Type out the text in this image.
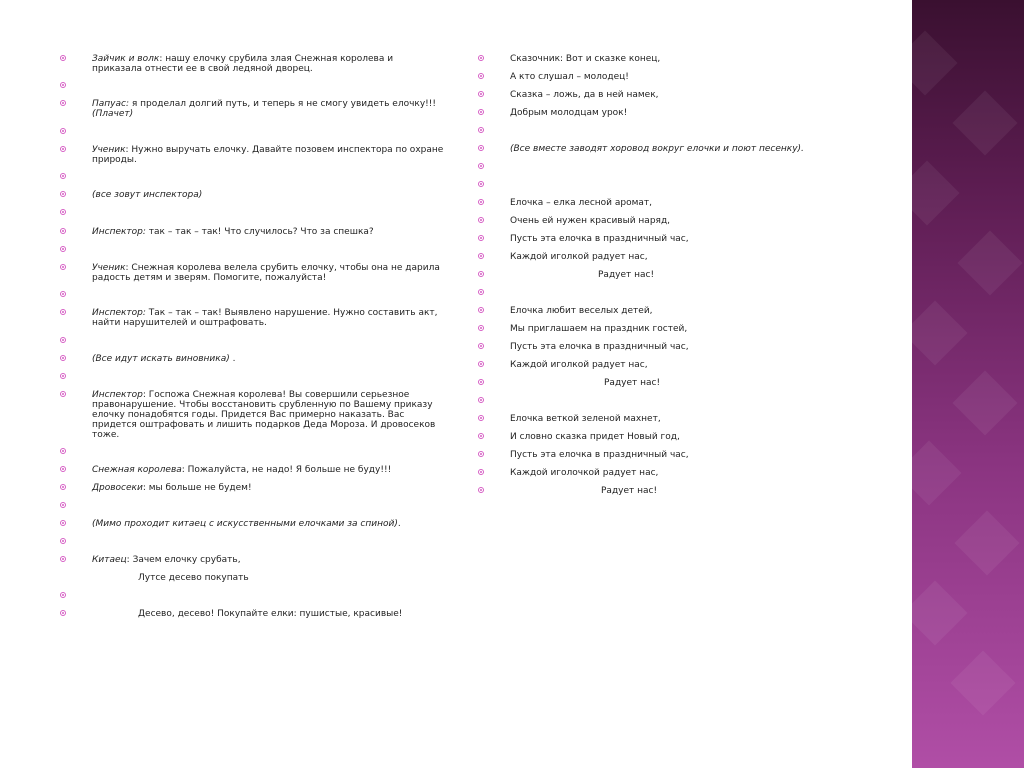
Зайчик и волк: нашу елочку срубила злая Снежная королева и приказала отнести ее в свой ледяной дворец.
Папуас: я проделал долгий путь, и теперь я не смогу увидеть елочку!!!
(Плачет)
Ученик: Нужно выручать елочку. Давайте позовем инспектора по охране природы.
(все зовут инспектора)
Инспектор: так – так – так! Что случилось? Что за спешка?
Ученик: Снежная королева велела срубить елочку, чтобы она не дарила радость детям и зверям. Помогите, пожалуйста!
Инспектор: Так – так – так! Выявлено нарушение. Нужно составить акт, найти нарушителей и оштрафовать.
(Все идут искать виновника) .
Инспектор: Госпожа Снежная королева! Вы совершили серьезное правонарушение. Чтобы восстановить срубленную по Вашему приказу елочку понадобятся годы. Придется Вас примерно наказать. Вас придется оштрафовать и лишить подарков Деда Мороза. И дровосеков тоже.
Снежная королева: Пожалуйста, не надо! Я больше не буду!!!
Дровосеки: мы больше не будем!
(Мимо проходит китаец с искусственными елочками за спиной).
Китаец: Зачем елочку срубать,
Лутсе десево покупать
Десево, десево! Покупайте елки: пушистые, красивые!
Сказочник: Вот и сказке конец,
А кто слушал – молодец!
Сказка – ложь, да в ней намек,
Добрым молодцам урок!
(Все вместе заводят хоровод вокруг елочки и поют песенку).
Елочка – елка лесной аромат,
Очень ей нужен красивый наряд,
Пусть эта елочка в праздничный час,
Каждой иголкой радует нас,
Радует нас!
Елочка любит веселых детей,
Мы приглашаем на праздник гостей,
Пусть эта елочка в праздничный час,
Каждой иголкой радует нас,
Радует нас!
Елочка веткой зеленой махнет,
И словно сказка придет Новый год,
Пусть эта елочка в праздничный час,
Каждой иголочкой радует нас,
Радует нас!
